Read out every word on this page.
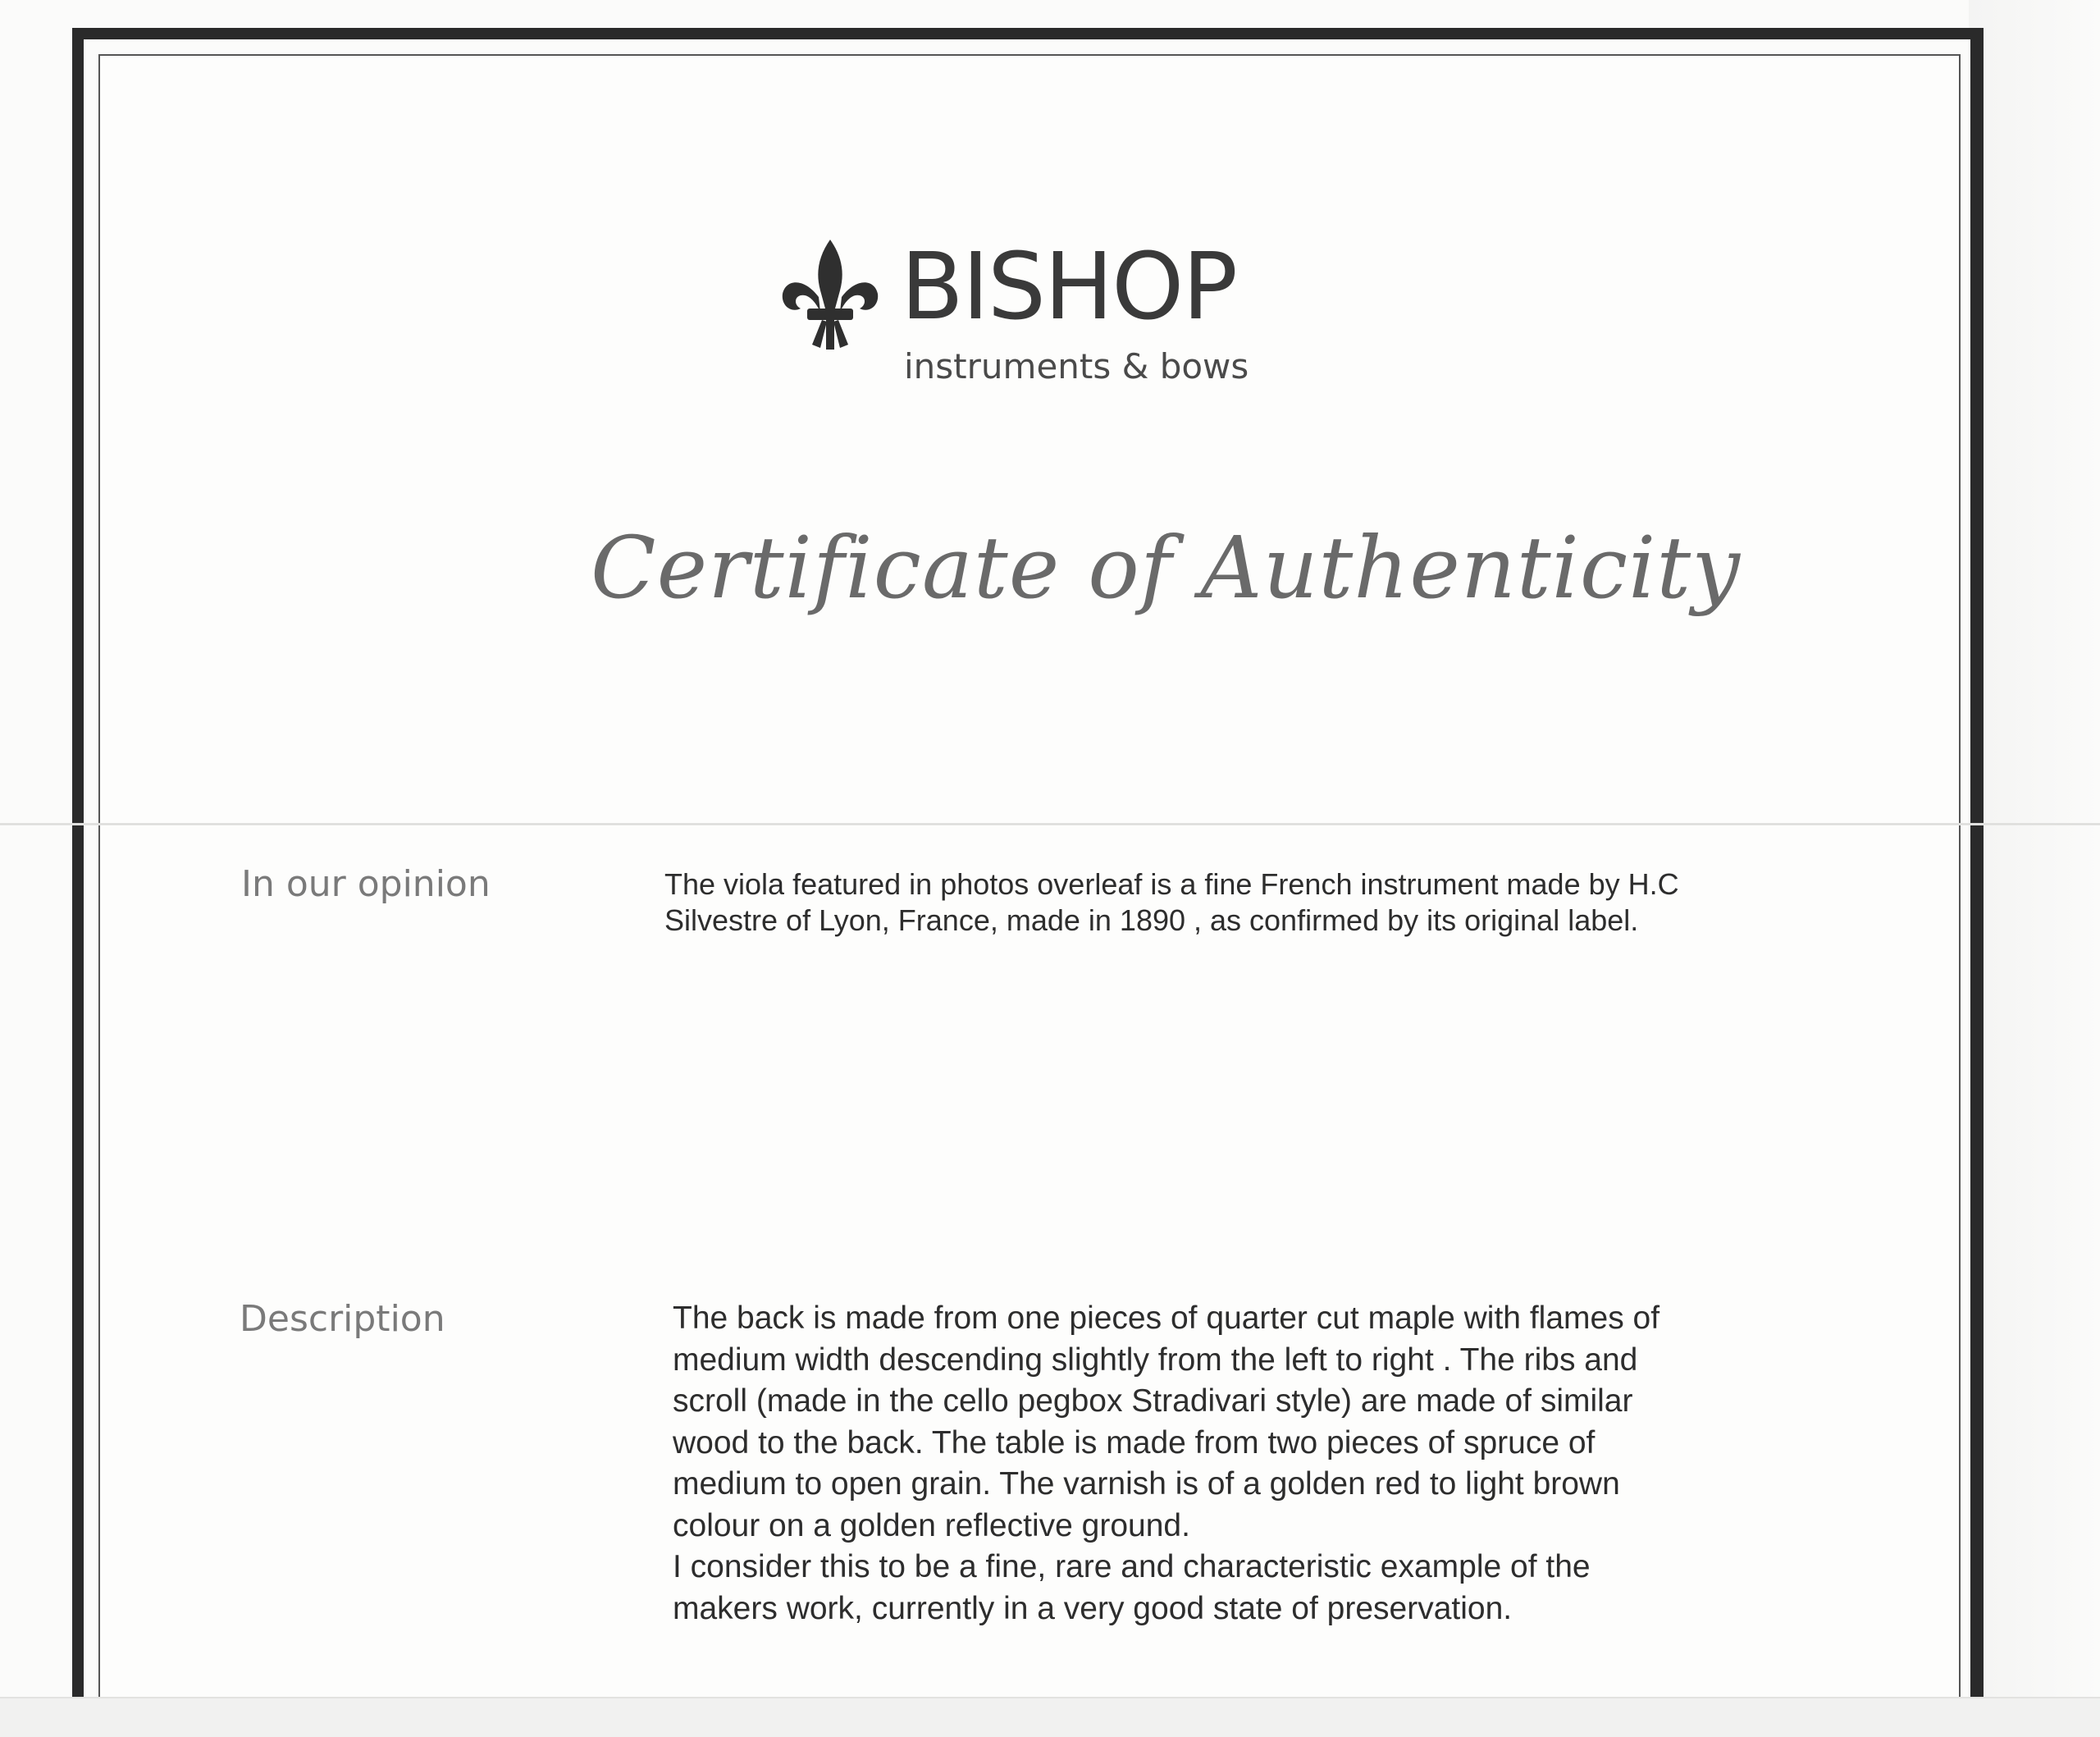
BISHOP
instruments & bows
Certificate of Authenticity
In our opinion	The viola featured in photos overleaf is a fine French instrument made by H.C
Silvestre of Lyon, France, made in 1890 , as confirmed by its original label.
Description	The back is made from one pieces of quarter cut maple with flames of
medium width descending slightly from the left to right . The ribs and
scroll (made in the cello pegbox Stradivari style) are made of similar
wood to the back. The table is made from two pieces of spruce of
medium to open grain. The varnish is of a golden red to light brown
colour on a golden reflective ground.
I consider this to be a fine, rare and characteristic example of the
makers work, currently in a very good state of preservation.
